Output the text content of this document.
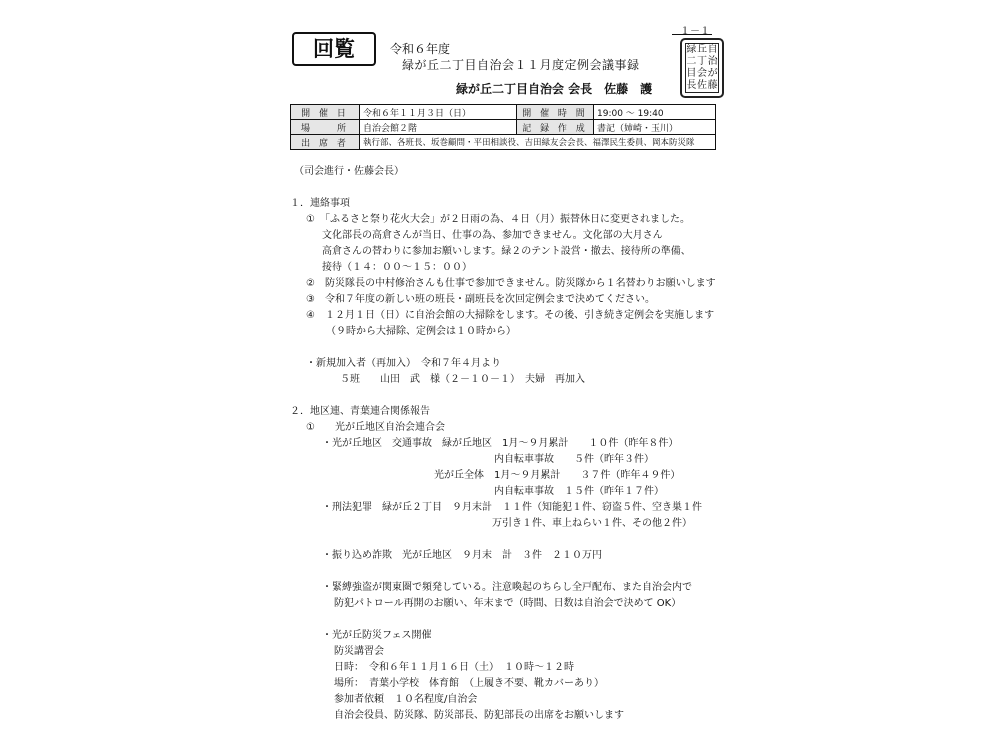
回覧	令和６年度
緑が丘二丁目自治会１１月度定例会議事録
緑が丘二丁目自治会 会長　佐藤　護
１－１
緑 丘 自
二 丁 治
目 会 が
長 佐 藤
開 催 日	令和６年１１月３日（日）	開 催 時 間	19:00 ～ 19:40
場　　所	自治会館２階	記 録 作 成	書記（姉崎・玉川）
出 席 者	執行部、各班長、坂巻顧問・平田相談役、吉田緑友会会長、福澤民生委員、岡本防災隊		
（司会進行・佐藤会長）
１．連絡事項
①　「ふるさと祭り花火大会」が２日雨の為、４日（月）振替休日に変更されました。
文化部長の高倉さんが当日、仕事の為、参加できません。文化部の大月さん
高倉さんの替わりに参加お願いします。緑２のテント設営・撤去、接待所の準備、
接待（１４：００～１５：００）
②　防災隊長の中村修治さんも仕事で参加できません。防災隊から１名替わりお願いします
③　令和７年度の新しい班の班長・副班長を次回定例会まで決めてください。
④　１２月１日（日）に自治会館の大掃除をします。その後、引き続き定例会を実施します
（９時から大掃除、定例会は１０時から）
・新規加入者（再加入）　令和７年４月より
５班　　山田　武　様（２－１０－１）　夫婦　再加入
２．地区連、青葉連合関係報告
①　　光が丘地区自治会連合会
・光が丘地区　交通事故　緑が丘地区　1月～９月累計　　１０件（昨年８件）
内自転車事故　　５件（昨年３件）
光が丘全体　1月～９月累計　　３７件（昨年４９件）
内自転車事故　１５件（昨年１７件）
・刑法犯罪　緑が丘２丁目　９月末計　１１件（知能犯１件、窃盗５件、空き巣１件
万引き１件、車上ねらい１件、その他２件）
・振り込め詐欺　光が丘地区　９月末　計　３件　２１０万円
・緊縛強盗が関東圏で頻発している。注意喚起のちらし全戸配布、また自治会内で
防犯パトロール再開のお願い、年末まで（時間、日数は自治会で決めて OK）
・光が丘防災フェス開催
防災講習会
日時：　令和６年１１月１６日（土）　１０時～１２時
場所：　青葉小学校　体育館　（上履き不要、靴カバーあり）
参加者依頼　１０名程度/自治会
自治会役員、防災隊、防災部長、防犯部長の出席をお願いします
